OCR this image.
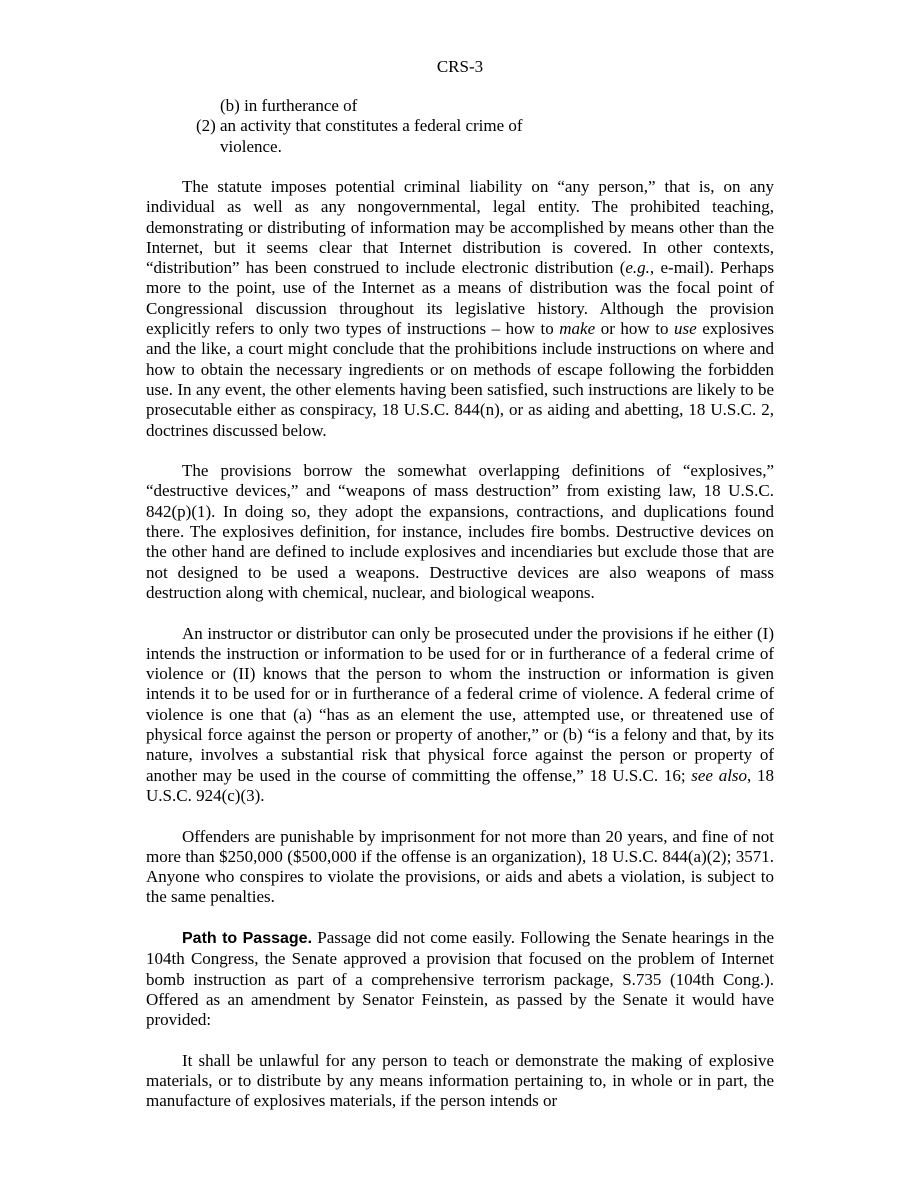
CRS-3
(b) in furtherance of
(2) an activity that constitutes a federal crime of violence.

The statute imposes potential criminal liability on “any person,” that is, on any individual as well as any nongovernmental, legal entity. The prohibited teaching, demonstrating or distributing of information may be accomplished by means other than the Internet, but it seems clear that Internet distribution is covered. In other contexts, “distribution” has been construed to include electronic distribution (e.g., e-mail). Perhaps more to the point, use of the Internet as a means of distribution was the focal point of Congressional discussion throughout its legislative history. Although the provision explicitly refers to only two types of instructions – how to make or how to use explosives and the like, a court might conclude that the prohibitions include instructions on where and how to obtain the necessary ingredients or on methods of escape following the forbidden use. In any event, the other elements having been satisfied, such instructions are likely to be prosecutable either as conspiracy, 18 U.S.C. 844(n), or as aiding and abetting, 18 U.S.C. 2, doctrines discussed below.

The provisions borrow the somewhat overlapping definitions of “explosives,” “destructive devices,” and “weapons of mass destruction” from existing law, 18 U.S.C. 842(p)(1). In doing so, they adopt the expansions, contractions, and duplications found there. The explosives definition, for instance, includes fire bombs. Destructive devices on the other hand are defined to include explosives and incendiaries but exclude those that are not designed to be used a weapons. Destructive devices are also weapons of mass destruction along with chemical, nuclear, and biological weapons.

An instructor or distributor can only be prosecuted under the provisions if he either (I) intends the instruction or information to be used for or in furtherance of a federal crime of violence or (II) knows that the person to whom the instruction or information is given intends it to be used for or in furtherance of a federal crime of violence. A federal crime of violence is one that (a) “has as an element the use, attempted use, or threatened use of physical force against the person or property of another,” or (b) “is a felony and that, by its nature, involves a substantial risk that physical force against the person or property of another may be used in the course of committing the offense,” 18 U.S.C. 16; see also, 18 U.S.C. 924(c)(3).

Offenders are punishable by imprisonment for not more than 20 years, and fine of not more than $250,000 ($500,000 if the offense is an organization), 18 U.S.C. 844(a)(2); 3571. Anyone who conspires to violate the provisions, or aids and abets a violation, is subject to the same penalties.

Path to Passage. Passage did not come easily. Following the Senate hearings in the 104th Congress, the Senate approved a provision that focused on the problem of Internet bomb instruction as part of a comprehensive terrorism package, S.735 (104th Cong.). Offered as an amendment by Senator Feinstein, as passed by the Senate it would have provided:

It shall be unlawful for any person to teach or demonstrate the making of explosive materials, or to distribute by any means information pertaining to, in whole or in part, the manufacture of explosives materials, if the person intends or
